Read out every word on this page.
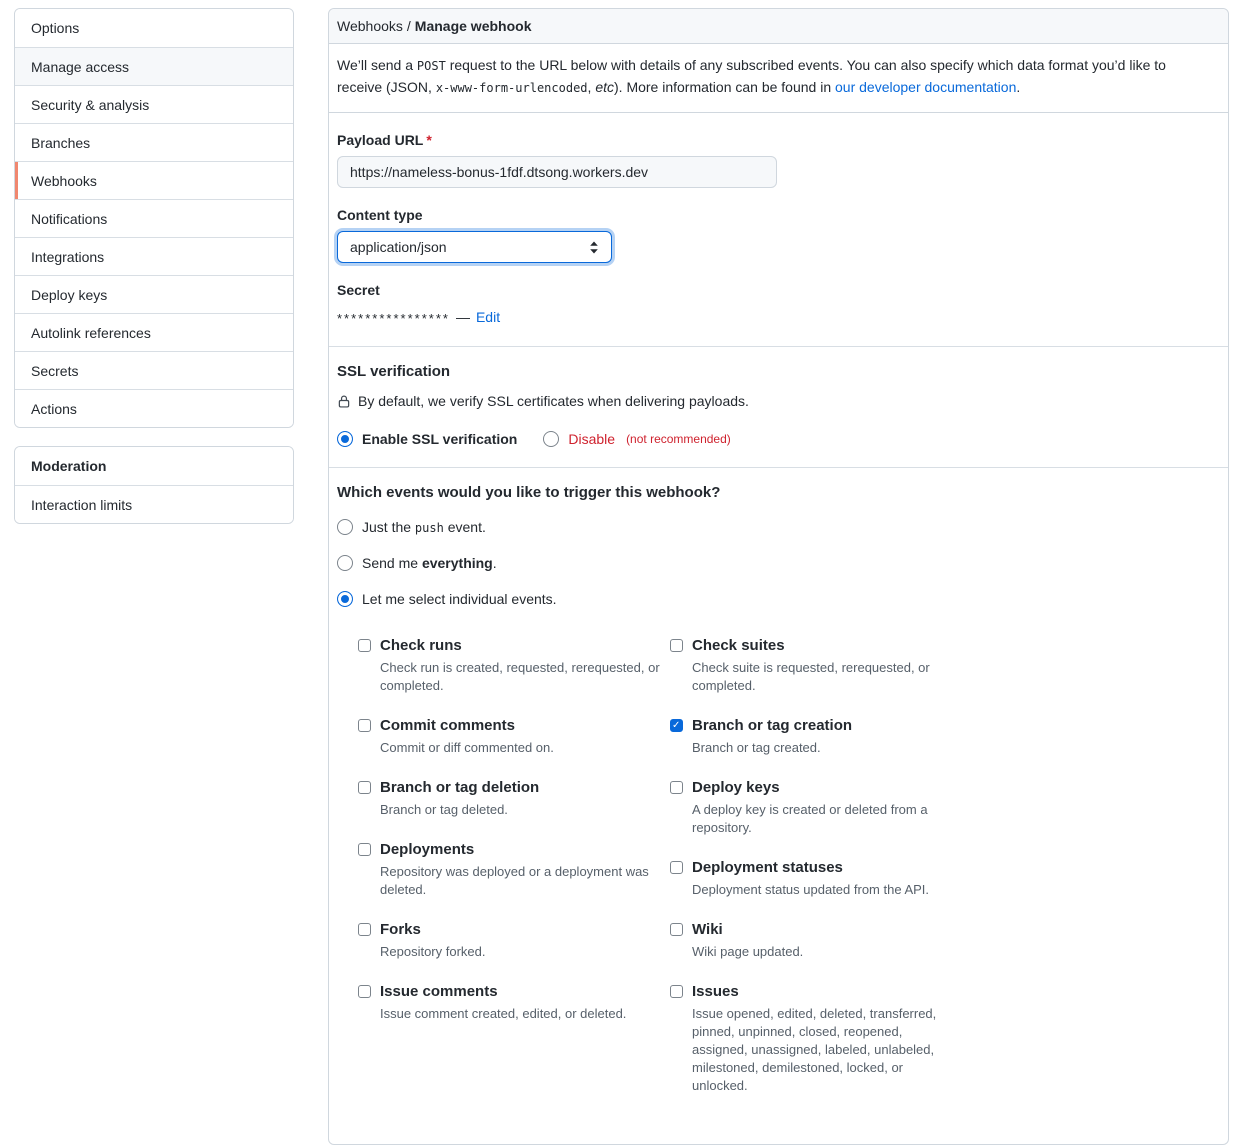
Options
Manage access
Security & analysis
Branches
Webhooks
Notifications
Integrations
Deploy keys
Autolink references
Secrets
Actions
Moderation
Interaction limits
Webhooks / Manage webhook
We’ll send a POST request to the URL below with details of any subscribed events. You can also specify which data format you’d like to receive (JSON, x-www-form-urlencoded, etc). More information can be found in our developer documentation.
Payload URL *
https://nameless-bonus-1fdf.dtsong.workers.dev
Content type
application/json
Secret
**************** — Edit
SSL verification

By default, we verify SSL certificates when delivering payloads.

Enable SSL verification	Disable (not recommended)
Which events would you like to trigger this webhook?
Just the push event.
Send me everything.
Let me select individual events.
Check runs
Check run is created, requested, rerequested, or completed.
Commit comments
Commit or diff commented on.
Branch or tag deletion
Branch or tag deleted.
Deployments
Repository was deployed or a deployment was deleted.
Forks
Repository forked.
Issue comments
Issue comment created, edited, or deleted.
Check suites
Check suite is requested, rerequested, or completed.
✓
Branch or tag creation
Branch or tag created.
Deploy keys
A deploy key is created or deleted from a repository.
Deployment statuses
Deployment status updated from the API.
Wiki
Wiki page updated.
Issues
Issue opened, edited, deleted, transferred, pinned, unpinned, closed, reopened, assigned, unassigned, labeled, unlabeled, milestoned, demilestoned, locked, or unlocked.
